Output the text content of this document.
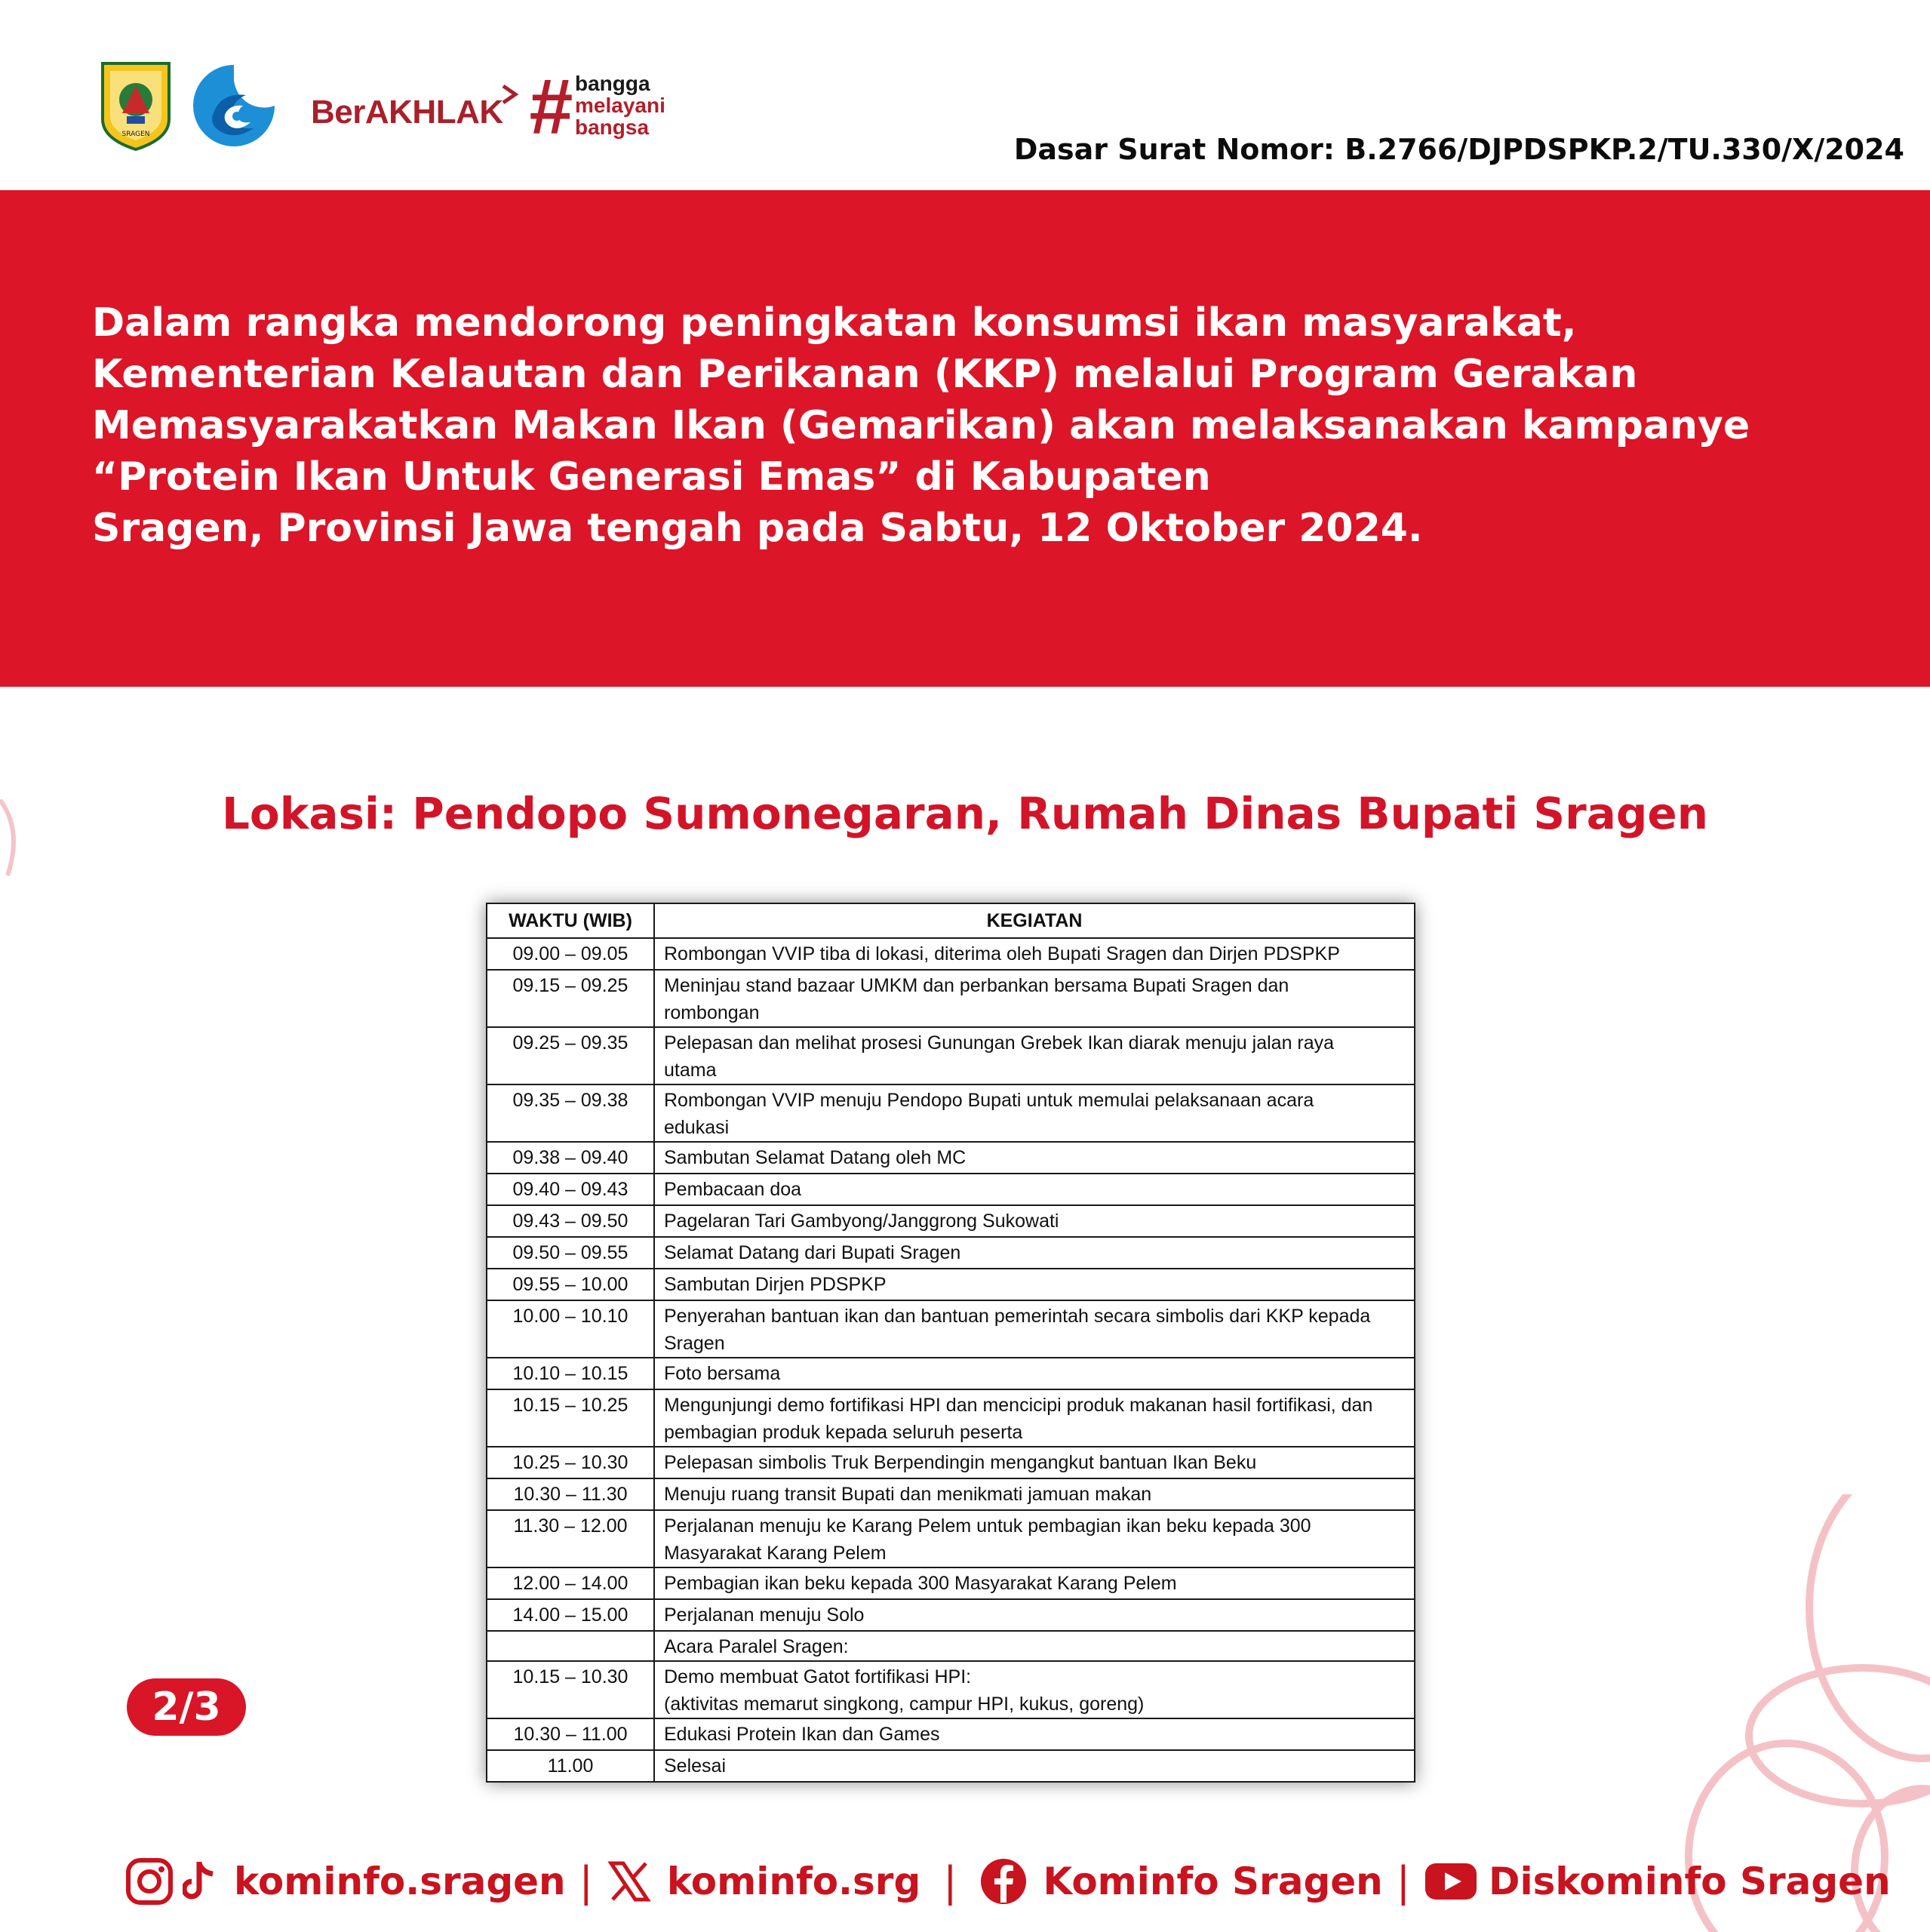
SRAGEN
BerAKHLAK # bangga
melayani
bangsa
Dasar Surat Nomor: B.2766/DJPDSPKP.2/TU.330/X/2024
Dalam rangka mendorong peningkatan konsumsi ikan masyarakat,
Kementerian Kelautan dan Perikanan (KKP) melalui Program Gerakan
Memasyarakatkan Makan Ikan (Gemarikan) akan melaksanakan kampanye
“Protein Ikan Untuk Generasi Emas” di Kabupaten
Sragen, Provinsi Jawa tengah pada Sabtu, 12 Oktober 2024.
Lokasi: Pendopo Sumonegaran, Rumah Dinas Bupati Sragen
WAKTU (WIB)	KEGIATAN
09.00 – 09.05	Rombongan VVIP tiba di lokasi, diterima oleh Bupati Sragen dan Dirjen PDSPKP

09.15 – 09.25	Meninjau stand bazaar UMKM dan perbankan bersama Bupati Sragen dan
rombongan

09.25 – 09.35	Pelepasan dan melihat prosesi Gunungan Grebek Ikan diarak menuju jalan raya
utama

09.35 – 09.38	Rombongan VVIP menuju Pendopo Bupati untuk memulai pelaksanaan acara
edukasi

09.38 – 09.40	Sambutan Selamat Datang oleh MC

09.40 – 09.43	Pembacaan doa

09.43 – 09.50	Pagelaran Tari Gambyong/Janggrong Sukowati

09.50 – 09.55	Selamat Datang dari Bupati Sragen

09.55 – 10.00	Sambutan Dirjen PDSPKP

10.00 – 10.10	Penyerahan bantuan ikan dan bantuan pemerintah secara simbolis dari KKP kepada
Sragen

10.10 – 10.15	Foto bersama

10.15 – 10.25	Mengunjungi demo fortifikasi HPI dan mencicipi produk makanan hasil fortifikasi, dan
pembagian produk kepada seluruh peserta

10.25 – 10.30	Pelepasan simbolis Truk Berpendingin mengangkut bantuan Ikan Beku

10.30 – 11.30	Menuju ruang transit Bupati dan menikmati jamuan makan

11.30 – 12.00	Perjalanan menuju ke Karang Pelem untuk pembagian ikan beku kepada 300
Masyarakat Karang Pelem

12.00 – 14.00	Pembagian ikan beku kepada 300 Masyarakat Karang Pelem

14.00 – 15.00	Perjalanan menuju Solo

	Acara Paralel Sragen:

10.15 – 10.30	Demo membuat Gatot fortifikasi HPI:
(aktivitas memarut singkong, campur HPI, kukus, goreng)

10.30 – 11.00	Edukasi Protein Ikan dan Games

11.00	Selesai
2/3
kominfo.sragen | kominfo.srg | Kominfo Sragen | Diskominfo Sragen
